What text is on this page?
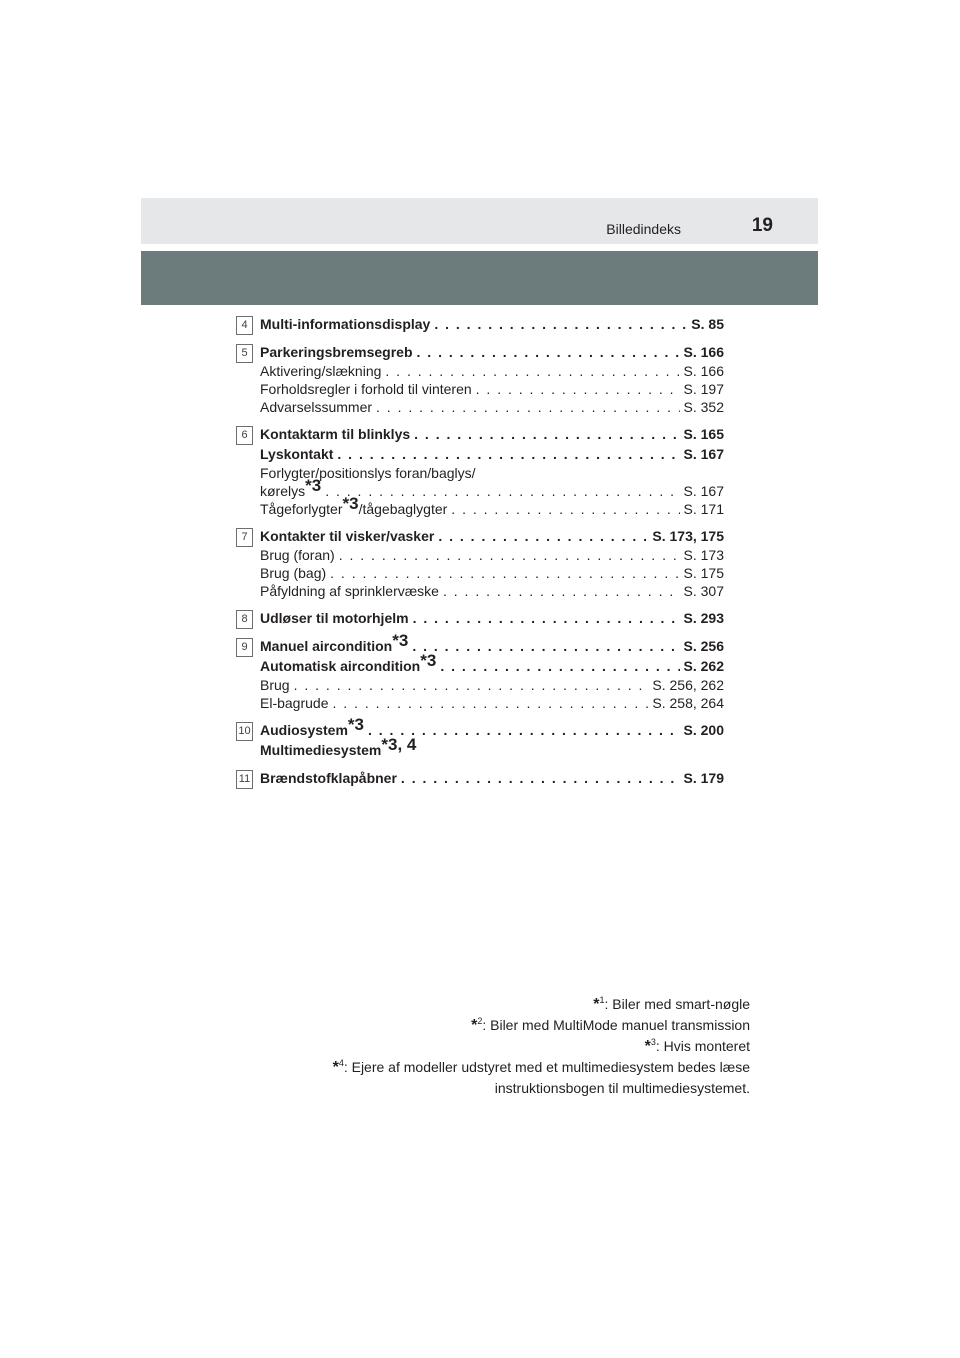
Billedindeks	19
4 Multi-informationsdisplay . . .	S. 85
5 Parkeringsbremsegreb . . .	S. 166
Aktivering/slækning . . .	S. 166
Forholdsregler i forhold til vinteren . . .	S. 197
Advarselssummer . . .	S. 352
6 Kontaktarm til blinklys . . .	S. 165
Lyskontakt . . .	S. 167
Forlygter/positionslys foran/baglys/
kørelys$^{*3}$ . . .	S. 167
Tågeforlygter$^{*3}$/tågebaglygter . . .	S. 171
7 Kontakter til visker/vasker . . .	S. 173, 175
Brug (foran) . . .	S. 173
Brug (bag) . . .	S. 175
Påfyldning af sprinklervæske . . .	S. 307
8 Udløser til motorhjelm . . .	S. 293
9 Manuel aircondition$^{*3}$ . . .	S. 256
Automatisk aircondition$^{*3}$ . . .	S. 262
Brug . . .	S. 256, 262
El-bagrude . . .	S. 258, 264
10 Audiosystem$^{*3}$ . . .	S. 200
Multimediesystem$^{*3, 4}$
11 Brændstofklapåbner . . .	S. 179
*$^1$: Biler med smart-nøgle
*$^2$: Biler med MultiMode manuel transmission
*$^3$: Hvis monteret
*$^4$: Ejere af modeller udstyret med et multimediesystem bedes læse
instruktionsbogen til multimediesystemet.
